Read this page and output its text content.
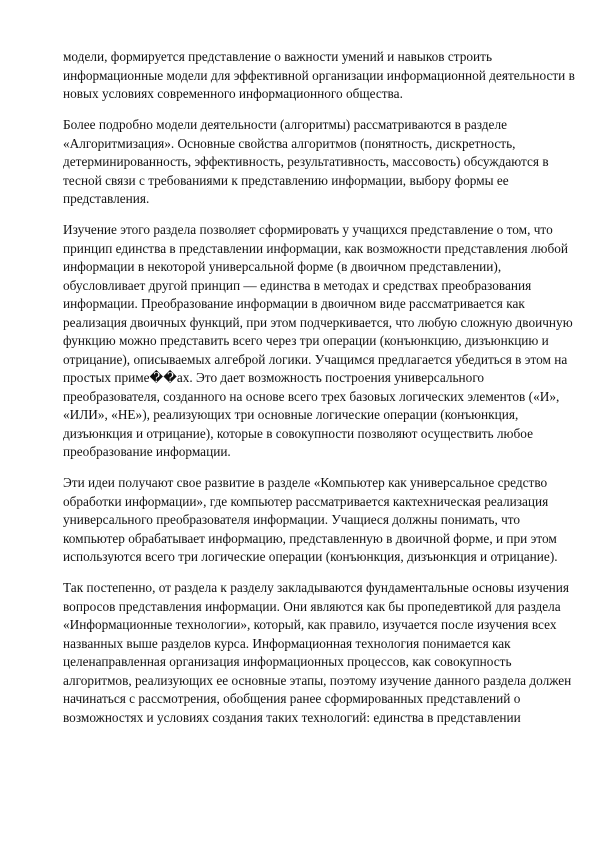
модели, формируется представление о важности умений и навыков строить
информационные модели для эффективной организации информационной деятельности в
новых условиях современного информационного общества.

Более подробно модели деятельности (алгоритмы) рассматриваются в разделе
«Алгоритмизация». Основные свойства алгоритмов (понятность, дискретность,
детерминированность, эффективность, результативность, массовость) обсуждаются в
тесной связи с требованиями к представлению информации, выбору формы ее
представления.

Изучение этого раздела позволяет сформировать у учащихся представление о том, что
принцип единства в представлении информации, как возможности представления любой
информации в некоторой универсальной форме (в двоичном представлении),
обусловливает другой принцип — единства в методах и средствах преобразования
информации. Преобразование информации в двоичном виде рассматривается как
реализация двоичных функций, при этом подчеркивается, что любую сложную двоичную
функцию можно представить всего через три операции (конъюнкцию, дизъюнкцию и
отрицание), описываемых алгеброй логики. Учащимся предлагается убедиться в этом на
простых приме��ах. Это дает возможность построения универсального
преобразователя, созданного на основе всего трех базовых логических элементов («И»,
«ИЛИ», «НЕ»), реализующих три основные логические операции (конъюнкция,
дизъюнкция и отрицание), которые в совокупности позволяют осуществить любое
преобразование информации.

Эти идеи получают свое развитие в разделе «Компьютер как универсальное средство
обработки информации», где компьютер рассматривается кактехническая реализация
универсального преобразователя информации. Учащиеся должны понимать, что
компьютер обрабатывает информацию, представленную в двоичной форме, и при этом
используются всего три логические операции (конъюнкция, дизъюнкция и отрицание).

Так постепенно, от раздела к разделу закладываются фундаментальные основы изучения
вопросов представления информации. Они являются как бы пропедевтикой для раздела
«Информационные технологии», который, как правило, изучается после изучения всех
названных выше разделов курса. Информационная технология понимается как
целенаправленная организация информационных процессов, как совокупность
алгоритмов, реализующих ее основные этапы, поэтому изучение данного раздела должен
начинаться с рассмотрения, обобщения ранее сформированных представлений о
возможностях и условиях создания таких технологий: единства в представлении
